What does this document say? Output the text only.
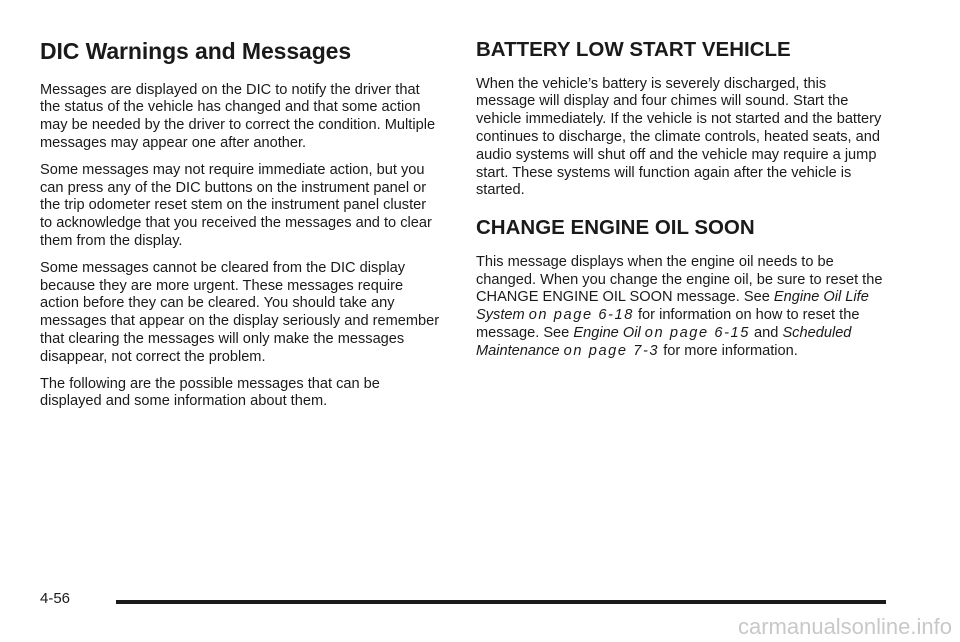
DIC Warnings and Messages

Messages are displayed on the DIC to notify the driver that the status of the vehicle has changed and that some action may be needed by the driver to correct the condition. Multiple messages may appear one after another.

Some messages may not require immediate action, but you can press any of the DIC buttons on the instrument panel or the trip odometer reset stem on the instrument panel cluster to acknowledge that you received the messages and to clear them from the display.

Some messages cannot be cleared from the DIC display because they are more urgent. These messages require action before they can be cleared. You should take any messages that appear on the display seriously and remember that clearing the messages will only make the messages disappear, not correct the problem.

The following are the possible messages that can be displayed and some information about them.

BATTERY LOW START VEHICLE

When the vehicle’s battery is severely discharged, this message will display and four chimes will sound. Start the vehicle immediately. If the vehicle is not started and the battery continues to discharge, the climate controls, heated seats, and audio systems will shut off and the vehicle may require a jump start. These systems will function again after the vehicle is started.

CHANGE ENGINE OIL SOON

This message displays when the engine oil needs to be changed. When you change the engine oil, be sure to reset the CHANGE ENGINE OIL SOON message. See Engine Oil Life System on page 6-18 for information on how to reset the message. See Engine Oil on page 6-15 and Scheduled Maintenance on page 7-3 for more information.

4-56
carmanualsonline.info
